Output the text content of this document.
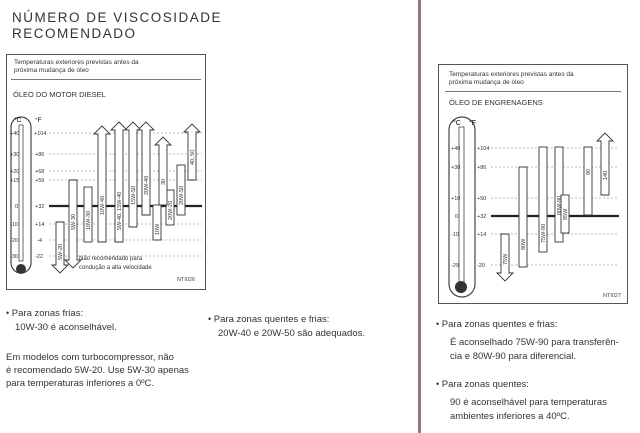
NÚMERO DE VISCOSIDADE
RECOMENDADO
Temperaturas exteriores previstas antes da
próxima mudança de óleo
ÓLEO DO MOTOR DIESEL
NTI026
°C °F
+40
+30
+20
+15
0
-10
-20
-30
+104
+86
+68
+59
+32
+14
-4
-22	5W-20
5W-30 10W-30
10W-40 5W-40, 15W-40 15W-50
20W-40
10W
20W-20
20W-50
30
40, 50
Não recomendado para
condução a alta velocidade
Temperaturas exteriores previstas antes da
próxima mudança de óleo
ÓLEO DE ENGRENAGENS
NTI027
°C °F
+40
+30
+10
0
-10
-29
+104
+86
+50
+32
+14
-20
75W
80W
75W-90
80W-90 85W
90 140
• Para zonas frias:
10W-30 é aconselhável.
Em modelos com turbocompressor, não
é recomendado 5W-20. Use 5W-30 apenas
para temperaturas inferiores a 0ºC.
• Para zonas quentes e frias:
20W-40 e 20W-50 são adequados.
• Para zonas quentes e frias:
É aconselhado 75W-90 para transferên-
cia e 80W-90 para diferencial.
• Para zonas quentes:
90 é aconselhável para temperaturas
ambientes inferiores a 40ºC.
